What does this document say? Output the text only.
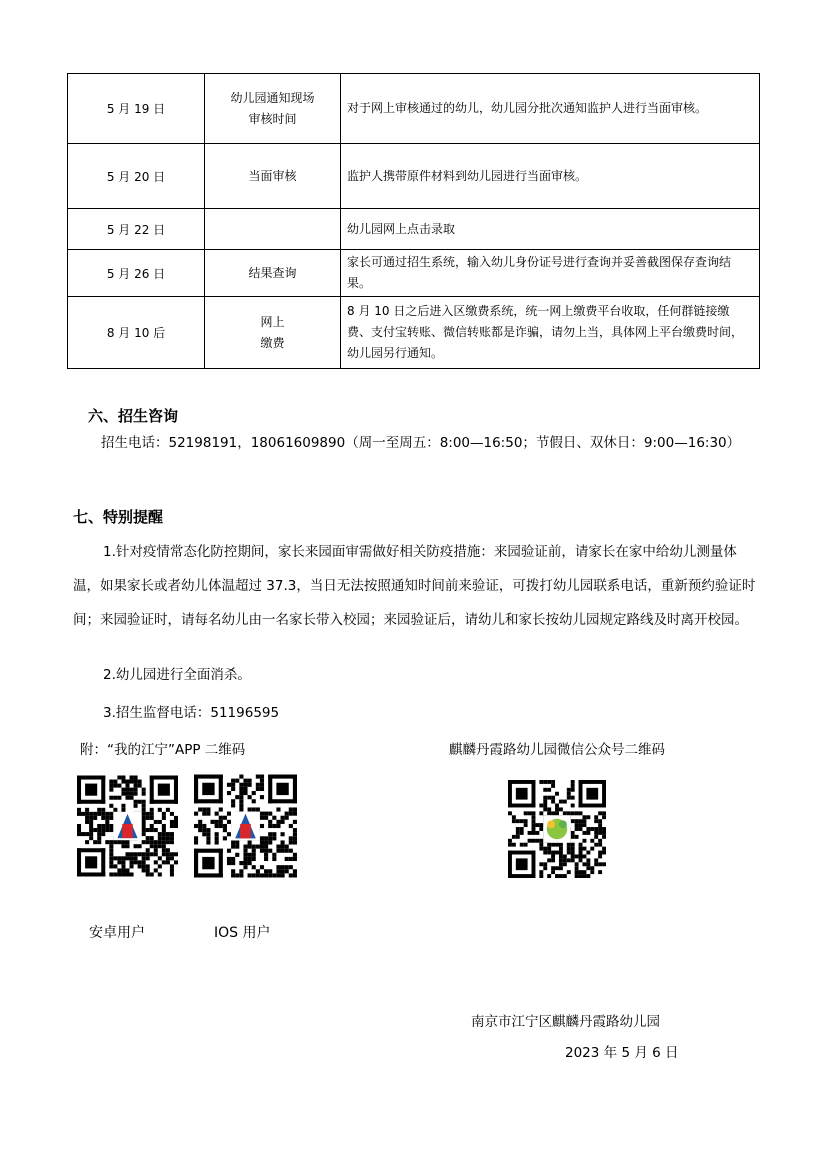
5 月 19 日	幼儿园通知现场审核时间	对于网上审核通过的幼儿，幼儿园分批次通知监护人进行当面审核。
5 月 20 日	当面审核	监护人携带原件材料到幼儿园进行当面审核。
5 月 22 日		幼儿园网上点击录取
5 月 26 日	结果查询	家长可通过招生系统，输入幼儿身份证号进行查询并妥善截图保存查询结果。
8 月 10 后	网上缴费	8 月 10 日之后进入区缴费系统，统一网上缴费平台收取，任何群链接缴费、支付宝转账、微信转账都是诈骗，请勿上当，具体网上平台缴费时间，幼儿园另行通知。
六、招生咨询
招生电话：52198191，18061609890（周一至周五：8:00—16:50；节假日、双休日：9:00—16:30）
七、特别提醒
1.针对疫情常态化防控期间，家长来园面审需做好相关防疫措施：来园验证前，请家长在家中给幼儿测量体温，如果家长或者幼儿体温超过 37.3，当日无法按照通知时间前来验证，可拨打幼儿园联系电话，重新预约验证时间；来园验证时，请每名幼儿由一名家长带入校园；来园验证后，请幼儿和家长按幼儿园规定路线及时离开校园。
2.幼儿园进行全面消杀。
3.招生监督电话：51196595
附：“我的江宁”APP 二维码	麒麟丹霞路幼儿园微信公众号二维码
安卓用户	IOS 用户
南京市江宁区麒麟丹霞路幼儿园
2023 年 5 月 6 日
